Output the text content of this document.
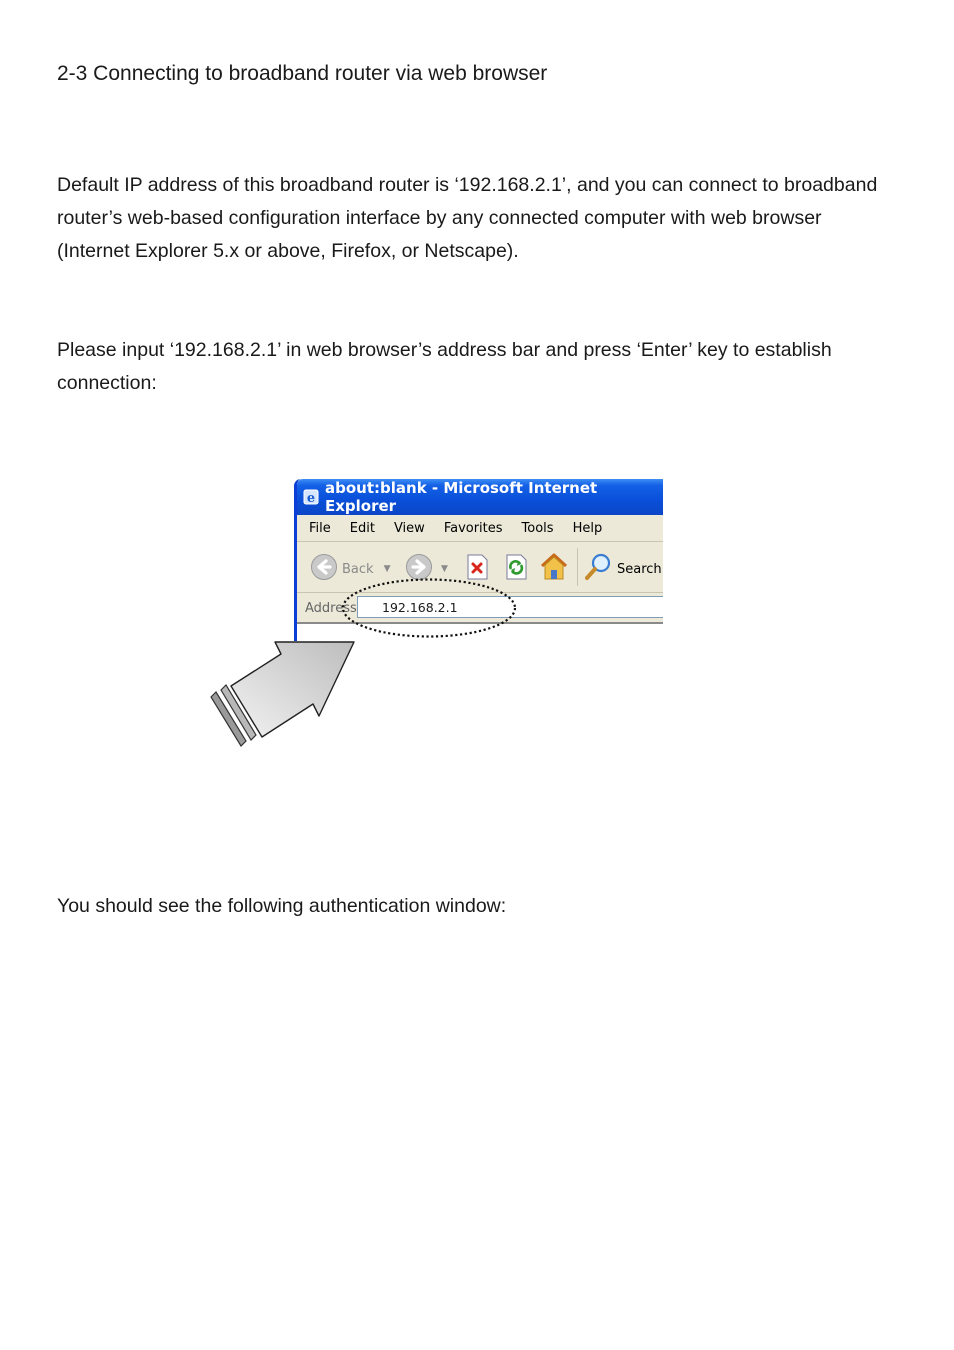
2-3 Connecting to broadband router via web browser

Default IP address of this broadband router is ‘192.168.2.1’, and you can connect to broadband router’s web-based configuration interface by any connected computer with web browser (Internet Explorer 5.x or above, Firefox, or Netscape).

Please input ‘192.168.2.1’ in web browser’s address bar and press ‘Enter’ key to establish connection:

e
about:blank - Microsoft Internet Explorer
File Edit View Favorites Tools Help
Back ▼	▼	Search
Address	192.168.2.1

You should see the following authentication window:
